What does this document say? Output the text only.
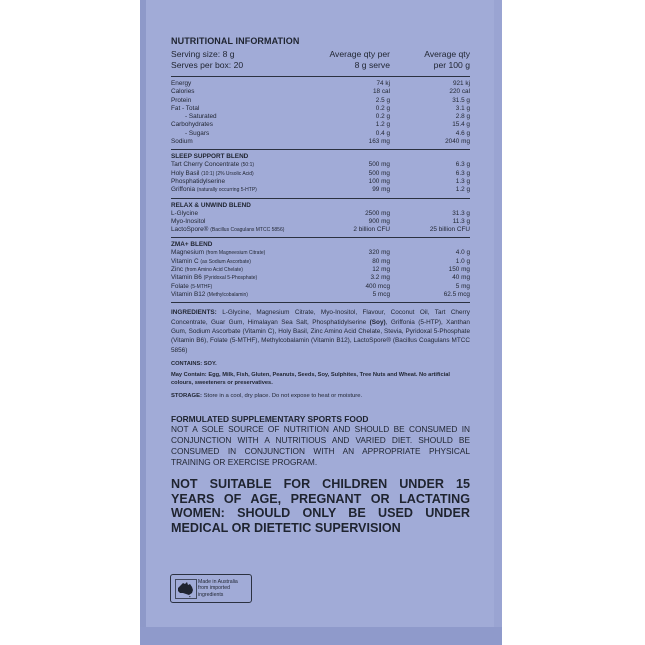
NUTRITIONAL INFORMATION
Serving size: 8 g
Serves per box: 20
Average qty per
8 g serve
Average qty
per 100 g
Energy	74 kj	921 kj
Calories	18 cal	220 cal
Protein	2.5 g	31.5 g
Fat - Total	0.2 g	3.1 g
- Saturated	0.2 g	2.8 g
Carbohydrates	1.2 g	15.4 g
- Sugars	0.4 g	4.6 g
Sodium	163 mg	2040 mg
SLEEP SUPPORT BLEND
Tart Cherry Concentrate (50:1)	500 mg	6.3 g
Holy Basil (10:1) (2% Ursolic Acid)	500 mg	6.3 g
Phosphatidylserine	100 mg	1.3 g
Griffonia (naturally occurring 5-HTP)	99 mg	1.2 g
RELAX & UNWIND BLEND
L-Glycine	2500 mg	31.3 g
Myo-Inositol	900 mg	11.3 g
LactoSpore® (Bacillus Coagulans MTCC 5856)	2 billion CFU	25 billion CFU
ZMA+ BLEND
Magnesium (from Magneesium Citrate)	320 mg	4.0 g
Vitamin C (as Sodium Ascorbate)	80 mg	1.0 g
Zinc (from Amino Acid Chelate)	12 mg	150 mg
Vitamin B6 (Pyridoxal 5-Phosphate)	3.2 mg	40 mg
Folate (5-MTHF)	400 mcg	5 mg
Vitamin B12 (Methylcobalamin)	5 mcg	62.5 mcg
INGREDIENTS: L-Glycine, Magnesium Citrate, Myo-Inositol, Flavour, Coconut Oil, Tart Cherry Concentrate, Guar Gum, Himalayan Sea Salt, Phosphatidylserine (Soy), Griffonia (5-HTP), Xanthan Gum, Sodium Ascorbate (Vitamin C), Holy Basil, Zinc Amino Acid Chelate, Stevia, Pyridoxal 5-Phosphate (Vitamin B6), Folate (5-MTHF), Methylcobalamin (Vitamin B12), LactoSpore® (Bacillus Coagulans MTCC 5856)
CONTAINS: SOY.
May Contain: Egg, Milk, Fish, Gluten, Peanuts, Seeds, Soy, Sulphites, Tree Nuts and Wheat. No artificial colours, sweeteners or preservatives.
STORAGE: Store in a cool, dry place. Do not expose to heat or moisture.
FORMULATED SUPPLEMENTARY SPORTS FOOD
NOT A SOLE SOURCE OF NUTRITION AND SHOULD BE CONSUMED IN CONJUNCTION WITH A NUTRITIOUS AND VARIED DIET. SHOULD BE CONSUMED IN CONJUNCTION WITH AN APPROPRIATE PHYSICAL TRAINING OR EXERCISE PROGRAM.
NOT SUITABLE FOR CHILDREN UNDER 15 YEARS OF AGE, PREGNANT OR LACTATING WOMEN: SHOULD ONLY BE USED UNDER MEDICAL OR DIETETIC SUPERVISION
Made in Australia
from imported
ingredients
